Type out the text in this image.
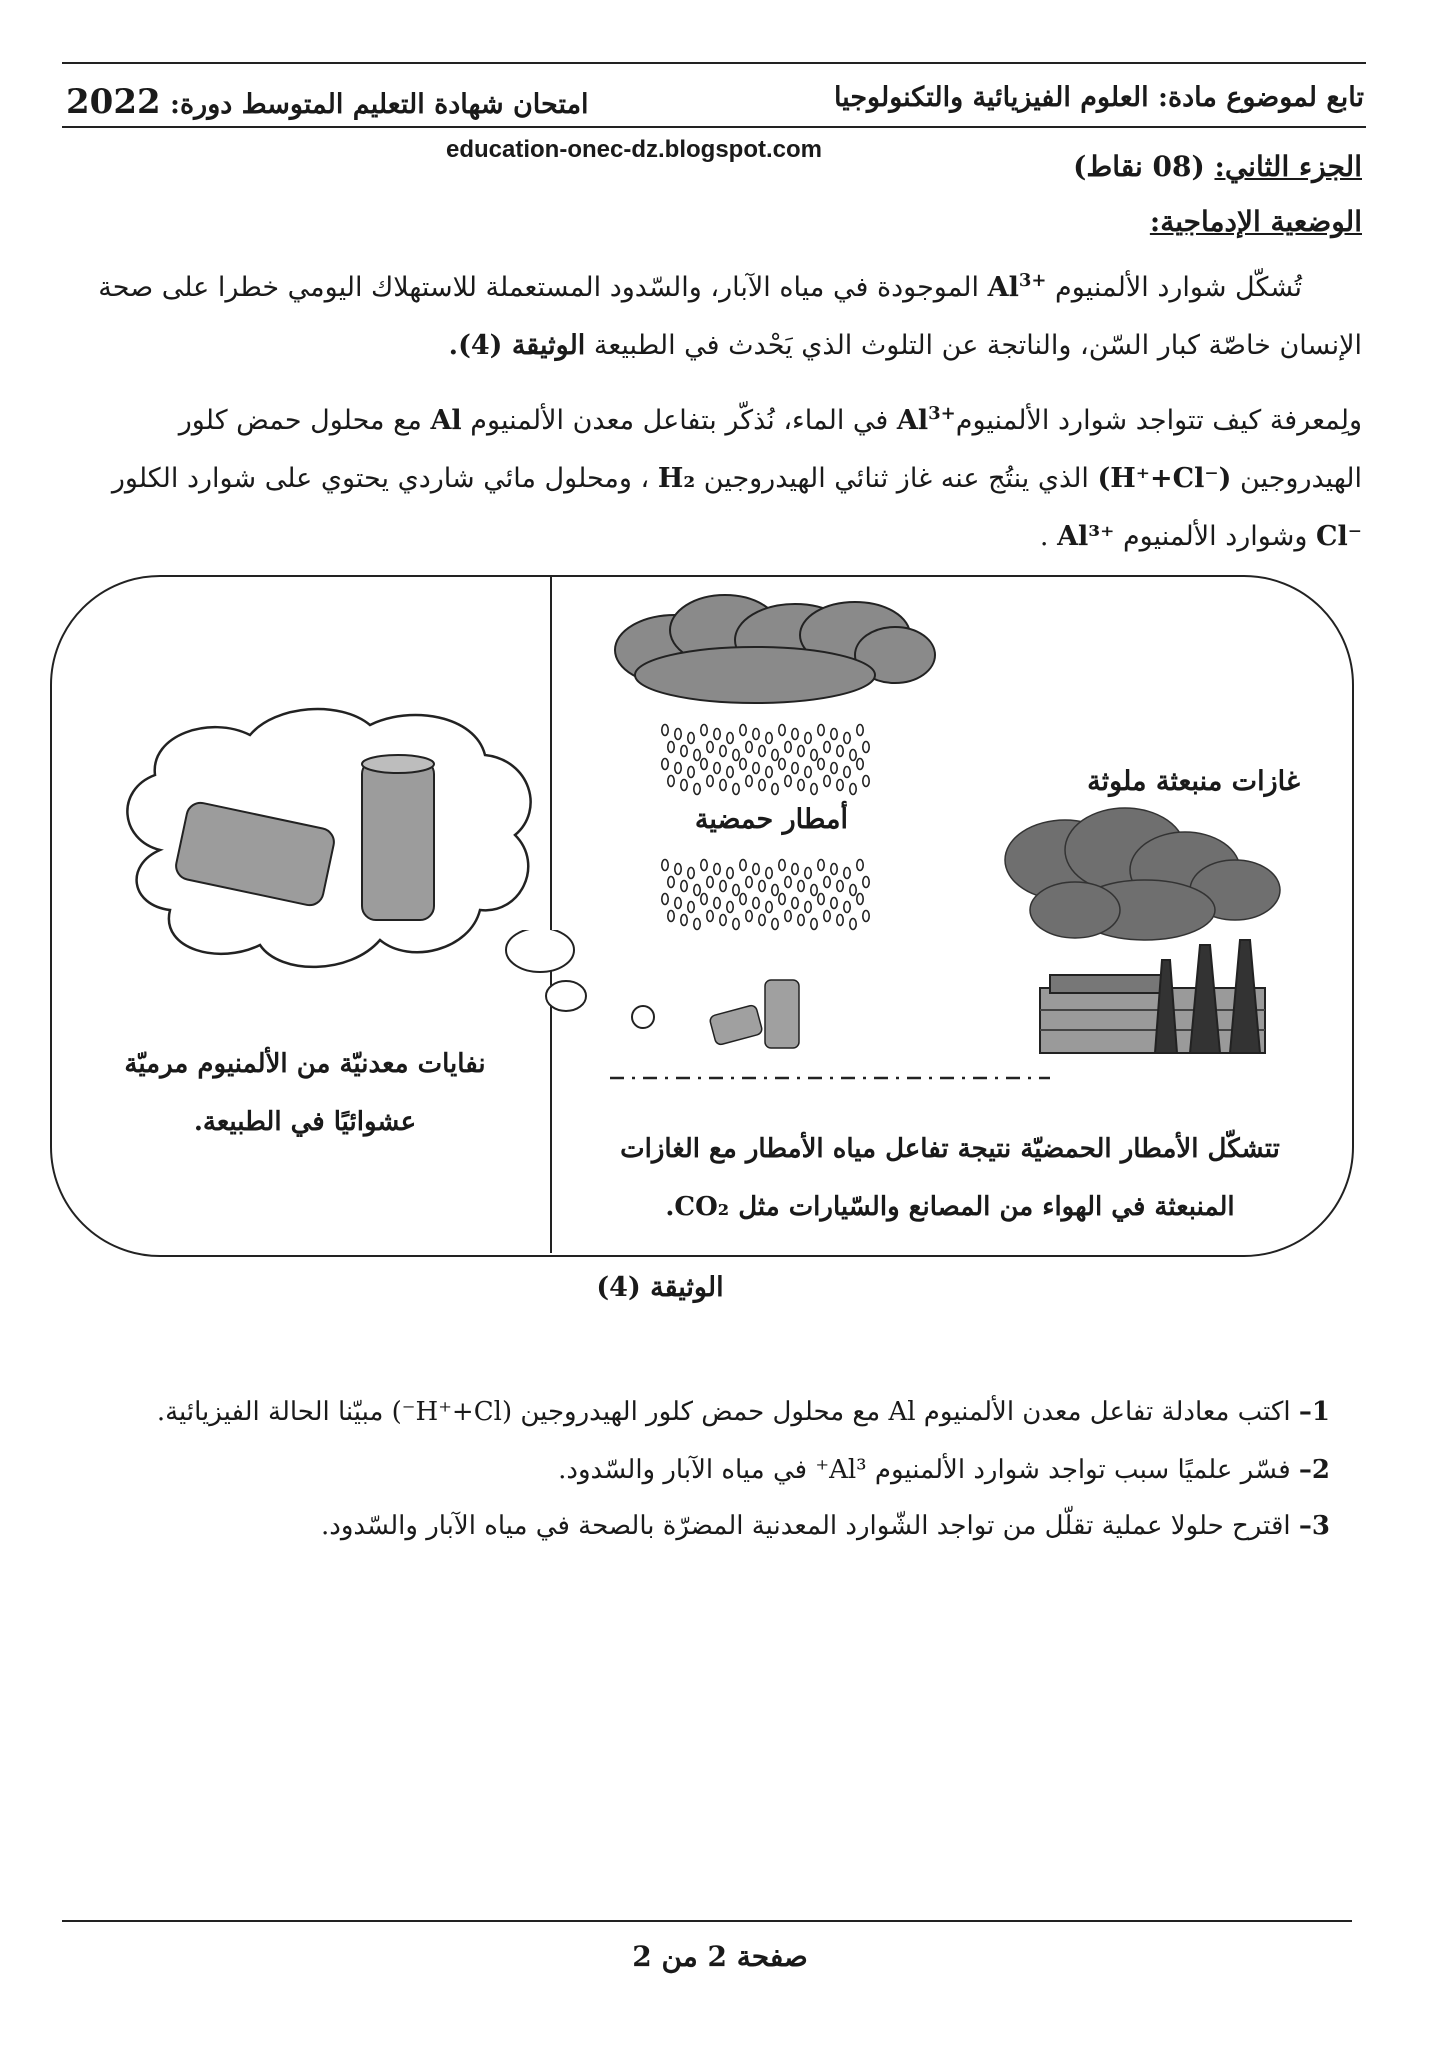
تابع لموضوع مادة: العلوم الفيزيائية والتكنولوجيا
امتحان شهادة التعليم المتوسط دورة: 2022
education-onec-dz.blogspot.com
الجزء الثاني: (08 نقاط)
الوضعية الإدماجية:
تُشكّل شوارد الألمنيوم $Al^{3+}$ الموجودة في مياه الآبار، والسّدود المستعملة للاستهلاك اليومي خطرا على صحة الإنسان خاصّة كبار السّن، والناتجة عن التلوث الذي يَحْدث في الطبيعة الوثيقة (4).
ولِمعرفة كيف تتواجد شوارد الألمنيومAl$^{3+}$ في الماء، نُذكّر بتفاعل معدن الألمنيوم Al مع محلول حمض كلور الهيدروجين (H⁺+Cl⁻) الذي ينتُج عنه غاز ثنائي الهيدروجين H₂ ، ومحلول مائي شاردي يحتوي على شوارد الكلور Cl⁻ وشوارد الألمنيوم Al³⁺ .
غازات منبعثة ملوثة
أمطار حمضية
تتشكّل الأمطار الحمضيّة نتيجة تفاعل مياه الأمطار مع الغازات
المنبعثة في الهواء من المصانع والسّيارات مثل CO₂.
نفايات معدنيّة من الألمنيوم مرميّة
عشوائيًا في الطبيعة.
الوثيقة (4)
1– اكتب معادلة تفاعل معدن الألمنيوم Al مع محلول حمض كلور الهيدروجين (H⁺+Cl⁻) مبيّنا الحالة الفيزيائية.
2– فسّر علميًا سبب تواجد شوارد الألمنيوم Al³⁺ في مياه الآبار والسّدود.
3– اقترح حلولا عملية تقلّل من تواجد الشّوارد المعدنية المضرّة بالصحة في مياه الآبار والسّدود.
صفحة 2 من 2
